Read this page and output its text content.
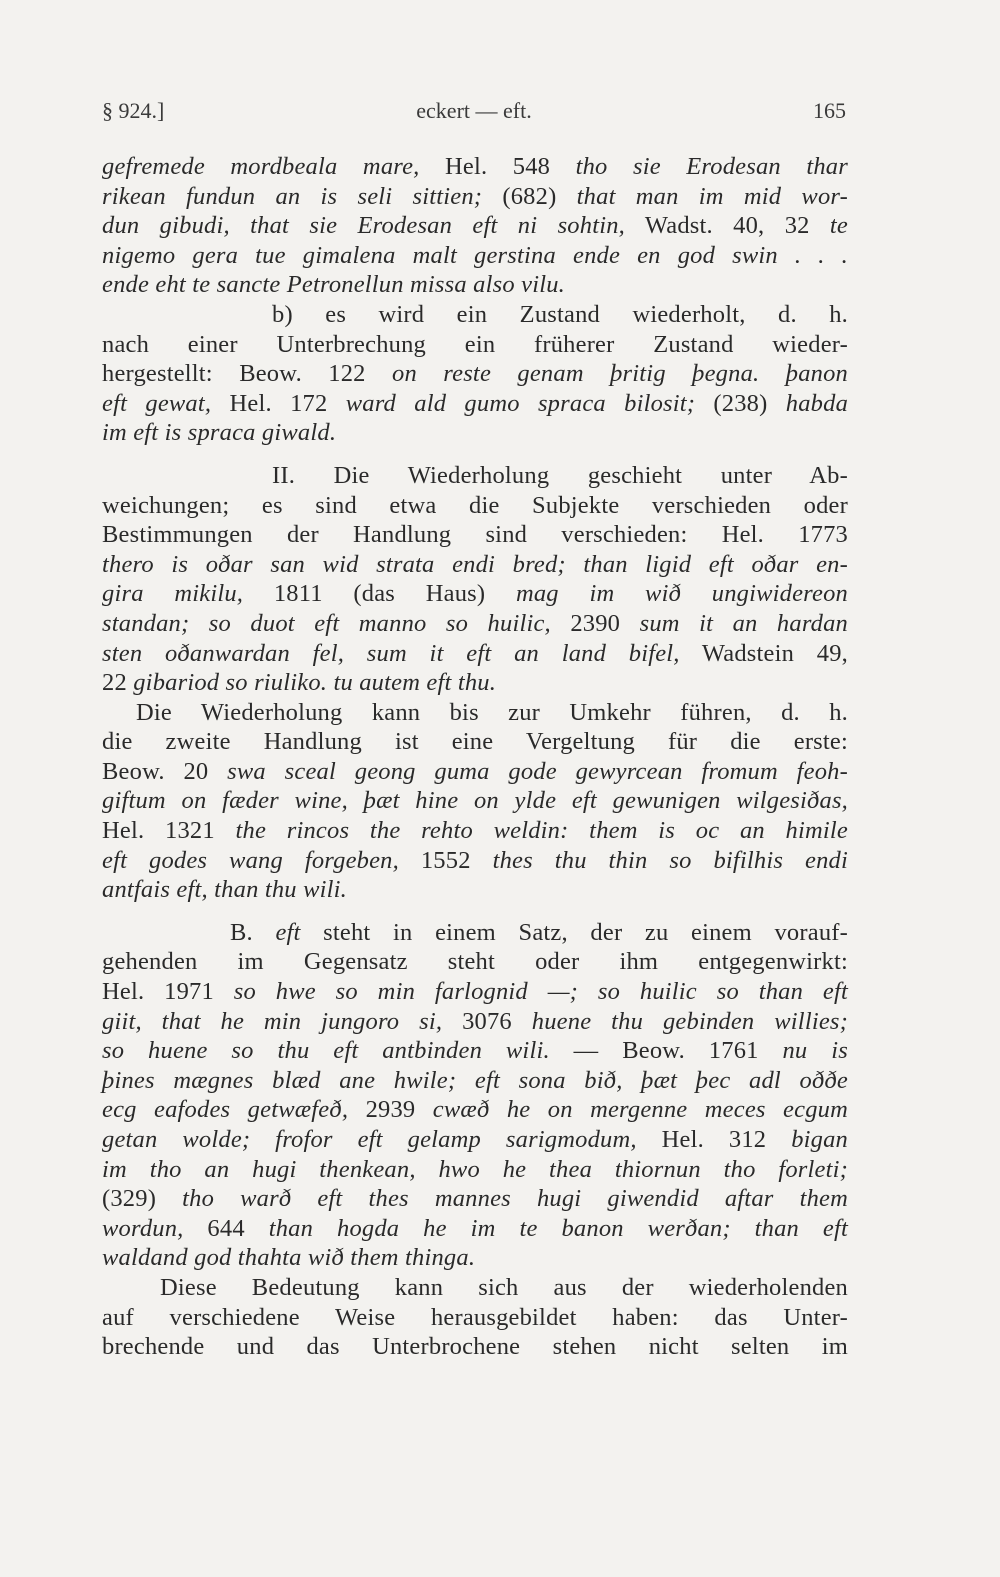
§ 924.]	eckert — eft.	165
gefremede mordbeala mare, Hel. 548 tho sie Erodesan thar
rikean fundun an is seli sittien; (682) that man im mid wor-
dun gibudi, that sie Erodesan eft ni sohtin, Wadst. 40, 32 te
nigemo gera tue gimalena malt gerstina ende en god swin . . .
ende eht te sancte Petronellun missa also vilu.
b) es wird ein Zustand wiederholt, d. h.
nach einer Unterbrechung ein früherer Zustand wieder-
hergestellt: Beow. 122 on reste genam þritig þegna. þanon
eft gewat, Hel. 172 ward ald gumo spraca bilosit; (238) habda
im eft is spraca giwald.
II. Die Wiederholung geschieht unter Ab-
weichungen; es sind etwa die Subjekte verschieden oder
Bestimmungen der Handlung sind verschieden: Hel. 1773
thero is oðar san wid strata endi bred; than ligid eft oðar en-
gira mikilu, 1811 (das Haus) mag im wið ungiwidereon
standan; so duot eft manno so huilic, 2390 sum it an hardan
sten oðanwardan fel, sum it eft an land bifel, Wadstein 49,
22 gibariod so riuliko. tu autem eft thu.
Die Wiederholung kann bis zur Umkehr führen, d. h.
die zweite Handlung ist eine Vergeltung für die erste:
Beow. 20 swa sceal geong guma gode gewyrcean fromum feoh-
giftum on fæder wine, þæt hine on ylde eft gewunigen wilgesiðas,
Hel. 1321 the rincos the rehto weldin: them is oc an himile
eft godes wang forgeben, 1552 thes thu thin so bifilhis endi
antfais eft, than thu wili.
B. eft steht in einem Satz, der zu einem vorauf-
gehenden im Gegensatz steht oder ihm entgegenwirkt:
Hel. 1971 so hwe so min farlognid —; so huilic so than eft
giit, that he min jungoro si, 3076 huene thu gebinden willies;
so huene so thu eft antbinden wili. — Beow. 1761 nu is
þines mægnes blæd ane hwile; eft sona bið, þæt þec adl oððe
ecg eafodes getwæfeð, 2939 cwæð he on mergenne meces ecgum
getan wolde; frofor eft gelamp sarigmodum, Hel. 312 bigan
im tho an hugi thenkean, hwo he thea thiornun tho forleti;
(329) tho warð eft thes mannes hugi giwendid aftar them
wordun, 644 than hogda he im te banon werðan; than eft
waldand god thahta wið them thinga.
Diese Bedeutung kann sich aus der wiederholenden
auf verschiedene Weise herausgebildet haben: das Unter-
brechende und das Unterbrochene stehen nicht selten im
